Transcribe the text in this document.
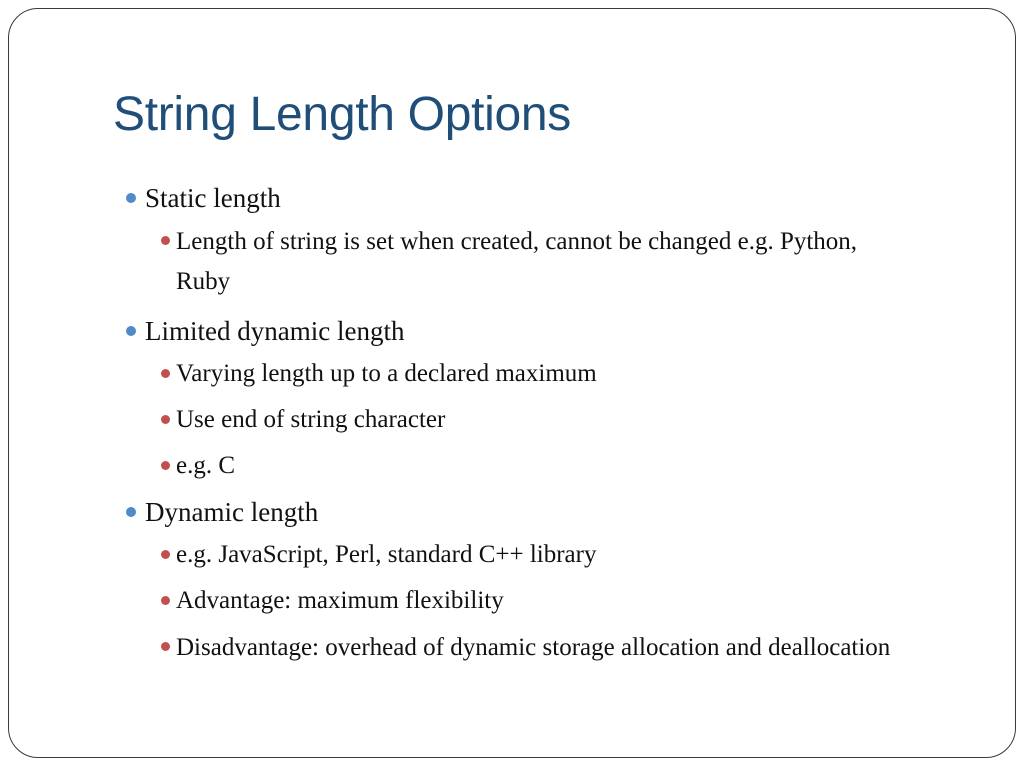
String Length Options
Static length
Length of string is set when created, cannot be changed e.g. Python, Ruby
Limited dynamic length
Varying length up to a declared maximum
Use end of string character
e.g. C
Dynamic length
e.g. JavaScript, Perl, standard C++ library
Advantage: maximum flexibility
Disadvantage: overhead of dynamic storage allocation and deallocation
